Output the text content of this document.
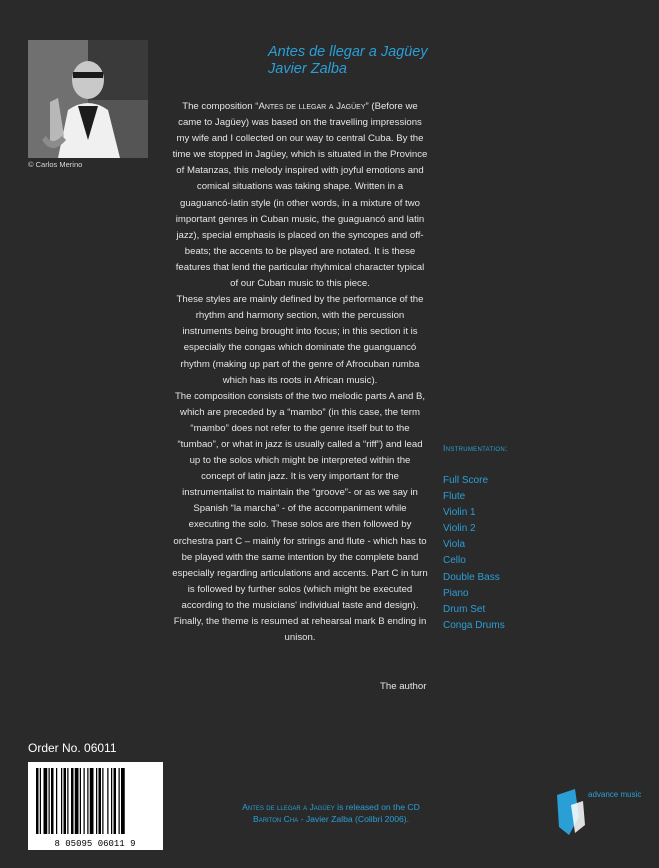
© Carlos Merino
Antes de llegar a Jagüey
Javier Zalba

The composition “Antes de llegar a Jagüey” (Before we came to Jagüey) was based on the travelling impressions my wife and I collected on our way to central Cuba. By the time we stopped in Jagüey, which is situated in the Province of Matanzas, this melody inspired with joyful emotions and comical situations was taking shape. Written in a guaguancó-latin style (in other words, in a mixture of two important genres in Cuban music, the guaguancó and latin jazz), special emphasis is placed on the syncopes and off-beats; the accents to be played are notated. It is these features that lend the particular rhyhmical character typical of our Cuban music to this piece.

These styles are mainly defined by the performance of the rhythm and harmony section, with the percussion instruments being brought into focus; in this section it is especially the congas which dominate the guanguancó rhythm (making up part of the genre of Afrocuban rumba which has its roots in African music).

The composition consists of the two melodic parts A and B, which are preceded by a “mambo” (in this case, the term “mambo” does not refer to the genre itself but to the “tumbao”, or what in jazz is usually called a “riff”) and lead up to the solos which might be interpreted within the concept of latin jazz. It is very important for the instrumentalist to maintain the “groove”- or as we say in Spanish “la marcha” - of the accompaniment while executing the solo. These solos are then followed by orchestra part C – mainly for strings and flute - which has to be played with the same intention by the complete band especially regarding articulations and accents. Part C in turn is followed by further solos (which might be executed according to the musicians' individual taste and design). Finally, the theme is resumed at rehearsal mark B ending in unison.

The author
Instrumentation:
Full Score
Flute
Violin 1
Violin 2
Viola
Cello
Double Bass
Piano
Drum Set
Conga Drums
Order No. 06011
8 05095 06011 9
Antes de llegar a Jagüey is released on the CD
Bariton Cha - Javier Zalba (Colibri 2006).
advance music
